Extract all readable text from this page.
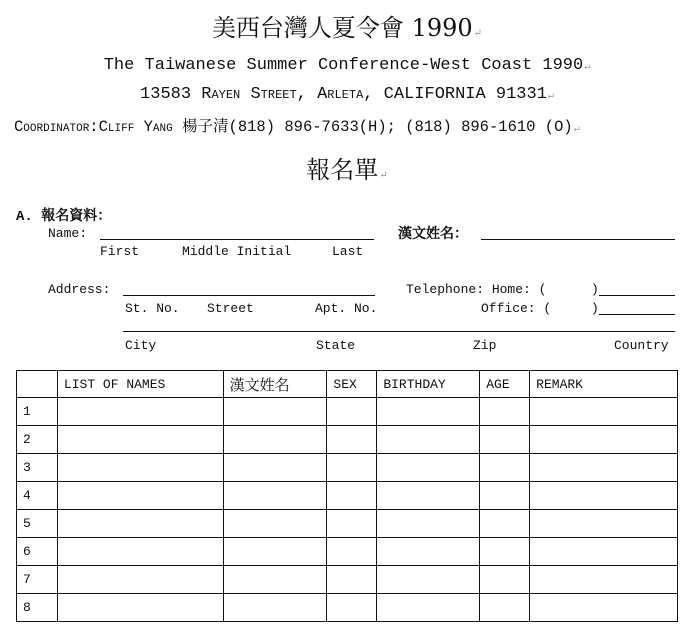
美西台灣人夏令會 1990↵
The Taiwanese Summer Conference-West Coast 1990↵
13583 Rayen Street, Arleta, CALIFORNIA 91331↵
Coordinator:Cliff Yang 楊子清(818) 896-7633(H); (818) 896-1610 (O)↵
報名單↵
A. 報名資料：
Name:	漢文姓名：
First	Middle Initial	Last
Address:	Telephone: Home: (	)
Office: (	)
St. No. Street	Apt. No.
City	State	Zip	Country
	LIST OF NAMES	漢文姓名	SEX	BIRTHDAY	AGE	REMARK
1						
2						
3						
4						
5						
6						
7						
8						
